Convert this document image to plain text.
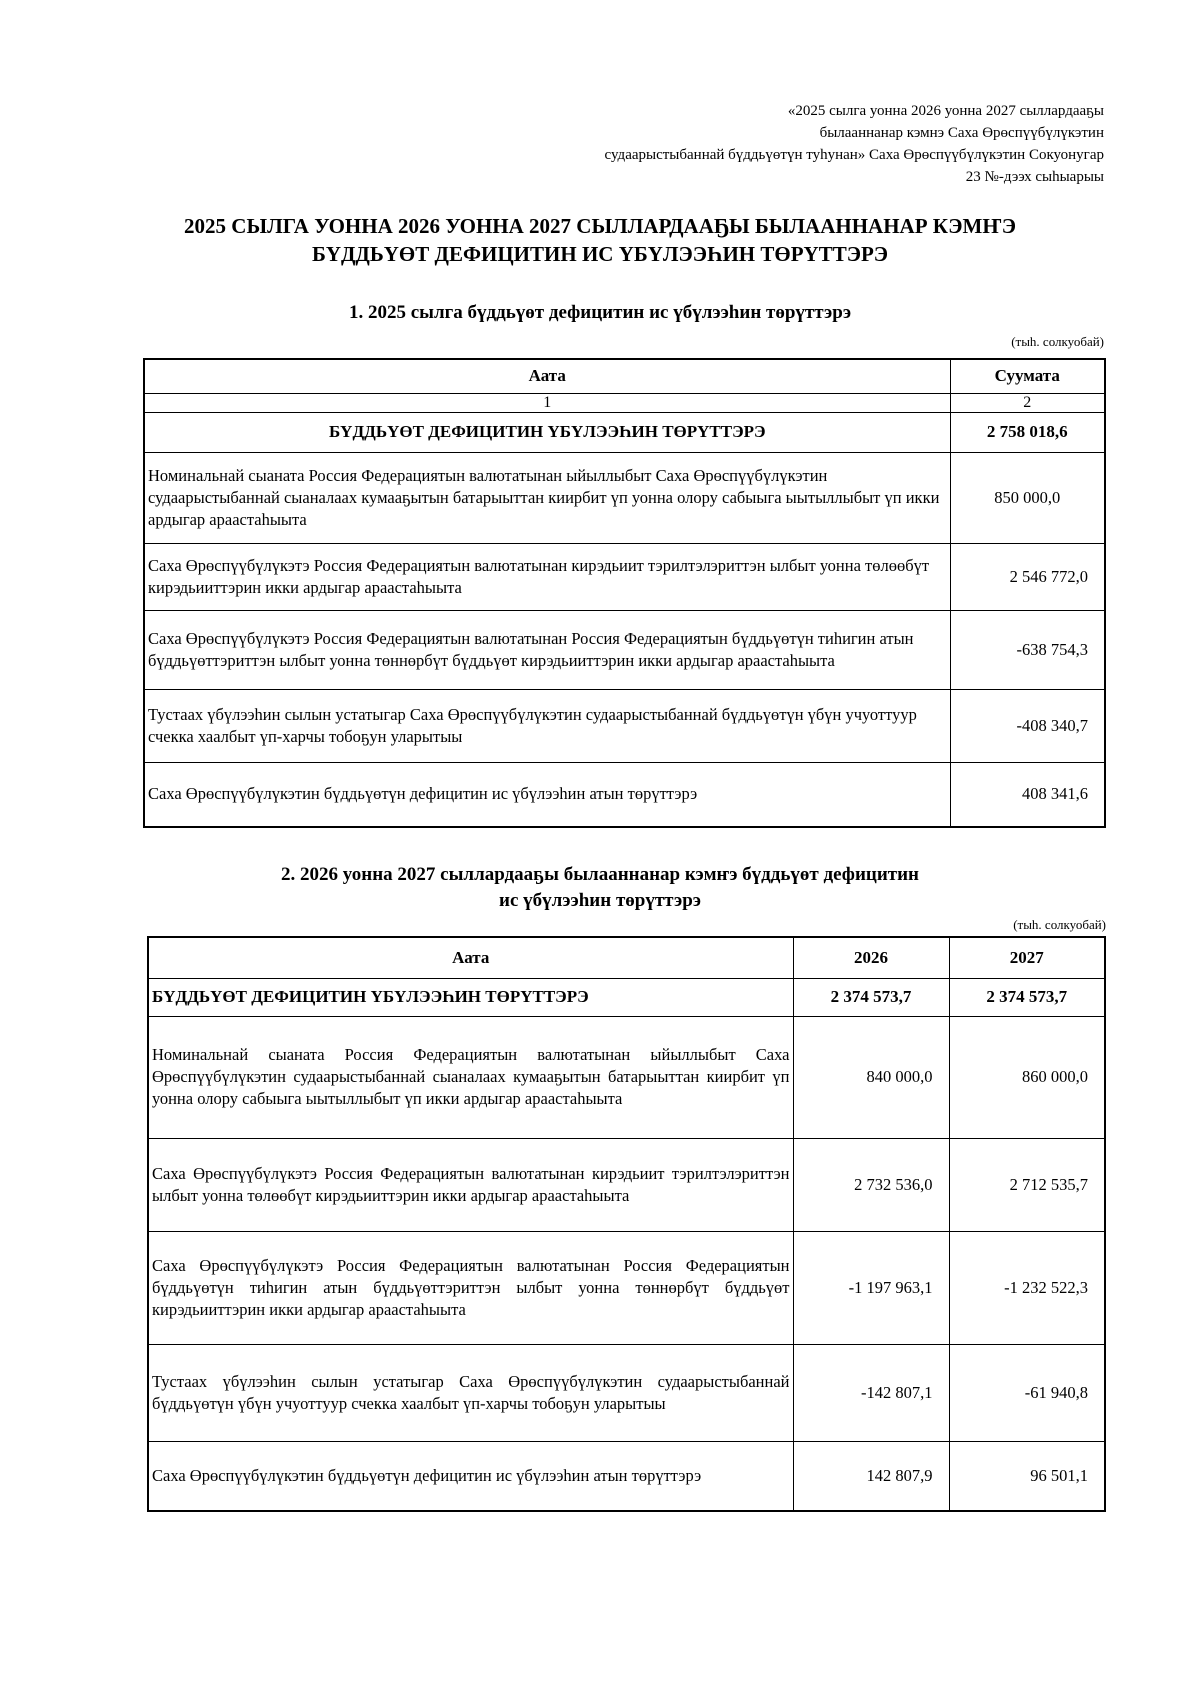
«2025 сылга уонна 2026 уонна 2027 сыллардааҕы
былааннанар кэмнэ Саха Өрөспүүбүлүкэтин
судаарыстыбаннай бүддьүөтүн туһунан» Саха Өрөспүүбүлүкэтин Сокуонугар
23 №-дээх сыһыарыы
2025 СЫЛГА УОННА 2026 УОННА 2027 СЫЛЛАРДААҔЫ БЫЛААННАНАР КЭМҤЭ
БҮДДЬҮӨТ ДЕФИЦИТИН ИС ҮБҮЛЭЭҺИН ТӨРҮТТЭРЭ
1. 2025 сылга бүддьүөт дефицитин ис үбүлээһин төрүттэрэ
(тыһ. солкуобай)
Аата	Суумата
1	2
БҮДДЬҮӨТ ДЕФИЦИТИН ҮБҮЛЭЭҺИН ТӨРҮТТЭРЭ	2 758 018,6
Номинальнай сыаната Россия Федерациятын валютатынан ыйыллыбыт Саха Өрөспүүбүлүкэтин судаарыстыбаннай сыаналаах кумааҕытын батарыыттан киирбит үп уонна олору сабыыга ыытыллыбыт үп икки ардыгар араастаһыыта	850 000,0
Саха Өрөспүүбүлүкэтэ Россия Федерациятын валютатынан кирэдьиит тэрилтэлэриттэн ылбыт уонна төлөөбүт кирэдьииттэрин икки ардыгар араастаһыыта	2 546 772,0
Саха Өрөспүүбүлүкэтэ Россия Федерациятын валютатынан Россия Федерациятын бүддьүөтүн тиһигин атын бүддьүөттэриттэн ылбыт уонна төннөрбүт бүддьүөт кирэдьииттэрин икки ардыгар араастаһыыта	-638 754,3
Тустаах үбүлээһин сылын устатыгар Саха Өрөспүүбүлүкэтин судаарыстыбаннай бүддьүөтүн үбүн учуоттуур счекка хаалбыт үп-харчы тобоҕун уларытыы	-408 340,7
Саха Өрөспүүбүлүкэтин бүддьүөтүн дефицитин ис үбүлээһин атын төрүттэрэ	408 341,6
2. 2026 уонна 2027 сыллардааҕы былааннанар кэмҥэ бүддьүөт дефицитин
ис үбүлээһин төрүттэрэ
(тыһ. солкуобай)
Аата	2026	2027
БҮДДЬҮӨТ ДЕФИЦИТИН ҮБҮЛЭЭҺИН ТӨРҮТТЭРЭ	2 374 573,7	2 374 573,7
Номинальнай сыаната Россия Федерациятын валютатынан ыйыллыбыт Саха Өрөспүүбүлүкэтин судаарыстыбаннай сыаналаах кумааҕытын батарыыттан киирбит үп уонна олору сабыыга ыытыллыбыт үп икки ардыгар араастаһыыта	840 000,0	860 000,0
Саха Өрөспүүбүлүкэтэ Россия Федерациятын валютатынан кирэдьиит тэрилтэлэриттэн ылбыт уонна төлөөбүт кирэдьииттэрин икки ардыгар араастаһыыта	2 732 536,0	2 712 535,7
Саха Өрөспүүбүлүкэтэ Россия Федерациятын валютатынан Россия Федерациятын бүддьүөтүн тиһигин атын бүддьүөттэриттэн ылбыт уонна төннөрбүт бүддьүөт кирэдьииттэрин икки ардыгар араастаһыыта	-1 197 963,1	-1 232 522,3
Тустаах үбүлээһин сылын устатыгар Саха Өрөспүүбүлүкэтин судаарыстыбаннай бүддьүөтүн үбүн учуоттуур счекка хаалбыт үп-харчы тобоҕун уларытыы	-142 807,1	-61 940,8
Саха Өрөспүүбүлүкэтин бүддьүөтүн дефицитин ис үбүлээһин атын төрүттэрэ	142 807,9	96 501,1
